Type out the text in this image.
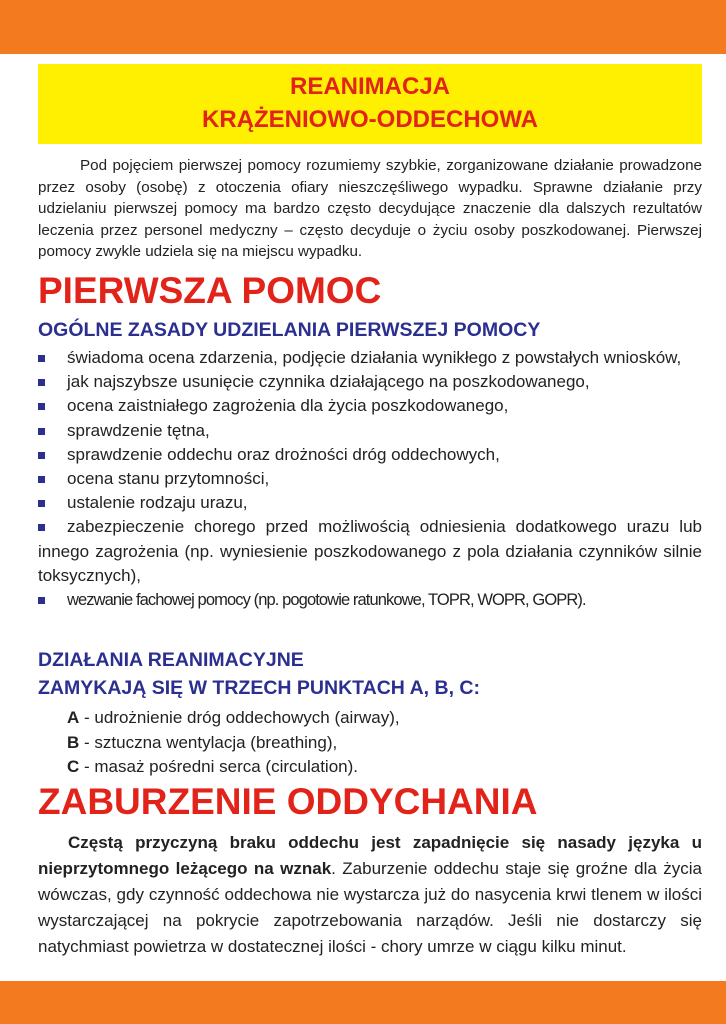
REANIMACJA
KRĄŻENIOWO-ODDECHOWA

Pod pojęciem pierwszej pomocy rozumiemy szybkie, zorganizowane działanie prowadzone przez osoby (osobę) z otoczenia ofiary nieszczęśliwego wypadku. Sprawne działanie przy udzielaniu pierwszej pomocy ma bardzo często decydujące znaczenie dla dalszych rezultatów leczenia przez personel medyczny – często decyduje o życiu osoby poszkodowanej. Pierwszej pomocy zwykle udziela się na miejscu wypadku.

PIERWSZA POMOC
OGÓLNE ZASADY UDZIELANIA PIERWSZEJ POMOCY
świadoma ocena zdarzenia, podjęcie działania wynikłego z powstałych wniosków,
jak najszybsze usunięcie czynnika działającego na poszkodowanego,
ocena zaistniałego zagrożenia dla życia poszkodowanego,
sprawdzenie tętna,
sprawdzenie oddechu oraz drożności dróg oddechowych,
ocena stanu przytomności,
ustalenie rodzaju urazu,
zabezpieczenie chorego przed możliwością odniesienia dodatkowego urazu lub innego zagrożenia (np. wyniesienie poszkodowanego z pola działania czynników silnie toksycznych),
wezwanie fachowej pomocy (np. pogotowie ratunkowe, TOPR, WOPR, GOPR).
DZIAŁANIA REANIMACYJNE
ZAMYKAJĄ SIĘ W TRZECH PUNKTACH A, B, C:
A - udrożnienie dróg oddechowych (airway),
B - sztuczna wentylacja (breathing),
C - masaż pośredni serca (circulation).
ZABURZENIE ODDYCHANIA

Częstą przyczyną braku oddechu jest zapadnięcie się nasady języka u nieprzytomnego leżącego na wznak. Zaburzenie oddechu staje się groźne dla życia wówczas, gdy czynność oddechowa nie wystarcza już do nasycenia krwi tlenem w ilości wystarczającej na pokrycie zapotrzebowania narządów. Jeśli nie dostarczy się natychmiast powietrza w dostatecznej ilości - chory umrze w ciągu kilku minut.
